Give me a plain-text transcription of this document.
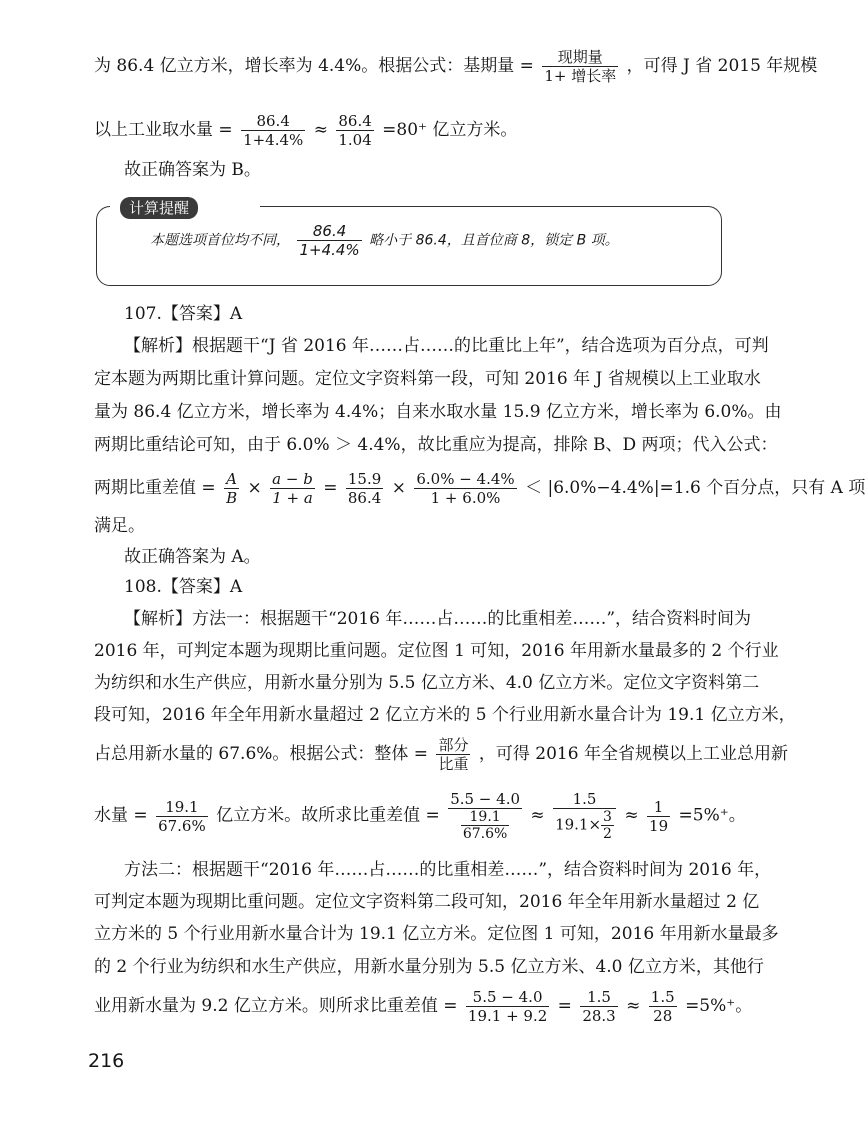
为 86.4 亿立方米，增长率为 4.4%。根据公式：基期量 = $\frac{\text{现期量}}{\text{1+ 增长率}}$ ，可得 J 省 2015 年规模
以上工业取水量 = $\frac{86.4}{1+4.4\%} \approx \frac{86.4}{1.04} =80^+$ 亿立方米。
故正确答案为 B。
计算提醒
本题选项首位均不同， $\frac{86.4}{1+4.4\%}$ 略小于 86.4，且首位商 8，锁定 B 项。
107.【答案】A
【解析】根据题干“J 省 2016 年……占……的比重比上年”，结合选项为百分点，可判
定本题为两期比重计算问题。定位文字资料第一段，可知 2016 年 J 省规模以上工业取水
量为 86.4 亿立方米，增长率为 4.4%；自来水取水量 15.9 亿立方米，增长率为 6.0%。由
两期比重结论可知，由于 6.0% ＞ 4.4%，故比重应为提高，排除 B、D 两项；代入公式：
两期比重差值 = $\frac{A}{B} \times \frac{a - b}{1 + a} = \frac{15.9}{86.4} \times \frac{6.0\% - 4.4\%}{1 + 6.0\%} < |6.0\%-4.4\%|=1.6$ 个百分点，只有 A 项
满足。
故正确答案为 A。
108.【答案】A
【解析】方法一：根据题干“2016 年……占……的比重相差……”，结合资料时间为
2016 年，可判定本题为现期比重问题。定位图 1 可知，2016 年用新水量最多的 2 个行业
为纺织和水生产供应，用新水量分别为 5.5 亿立方米、4.0 亿立方米。定位文字资料第二
段可知，2016 年全年用新水量超过 2 亿立方米的 5 个行业用新水量合计为 19.1 亿立方米，
占总用新水量的 67.6%。根据公式：整体 = $\frac{\text{部分}}{\text{比重}}$ ，可得 2016 年全省规模以上工业总用新
水量 = $\frac{19.1}{67.6\%}$ 亿立方米。故所求比重差值 = $\frac{5.5 - 4.0}{\frac{19.1}{67.6\%}} \approx \frac{1.5}{19.1\times \frac{3}{2}} \approx \frac{1}{19} =5\%^+$。
方法二：根据题干“2016 年……占……的比重相差……”，结合资料时间为 2016 年，
可判定本题为现期比重问题。定位文字资料第二段可知，2016 年全年用新水量超过 2 亿
立方米的 5 个行业用新水量合计为 19.1 亿立方米。定位图 1 可知，2016 年用新水量最多
的 2 个行业为纺织和水生产供应，用新水量分别为 5.5 亿立方米、4.0 亿立方米，其他行
业用新水量为 9.2 亿立方米。则所求比重差值 = $\frac{5.5 - 4.0}{19.1 + 9.2} = \frac{1.5}{28.3} \approx \frac{1.5}{28} =5\%^+$。
216
